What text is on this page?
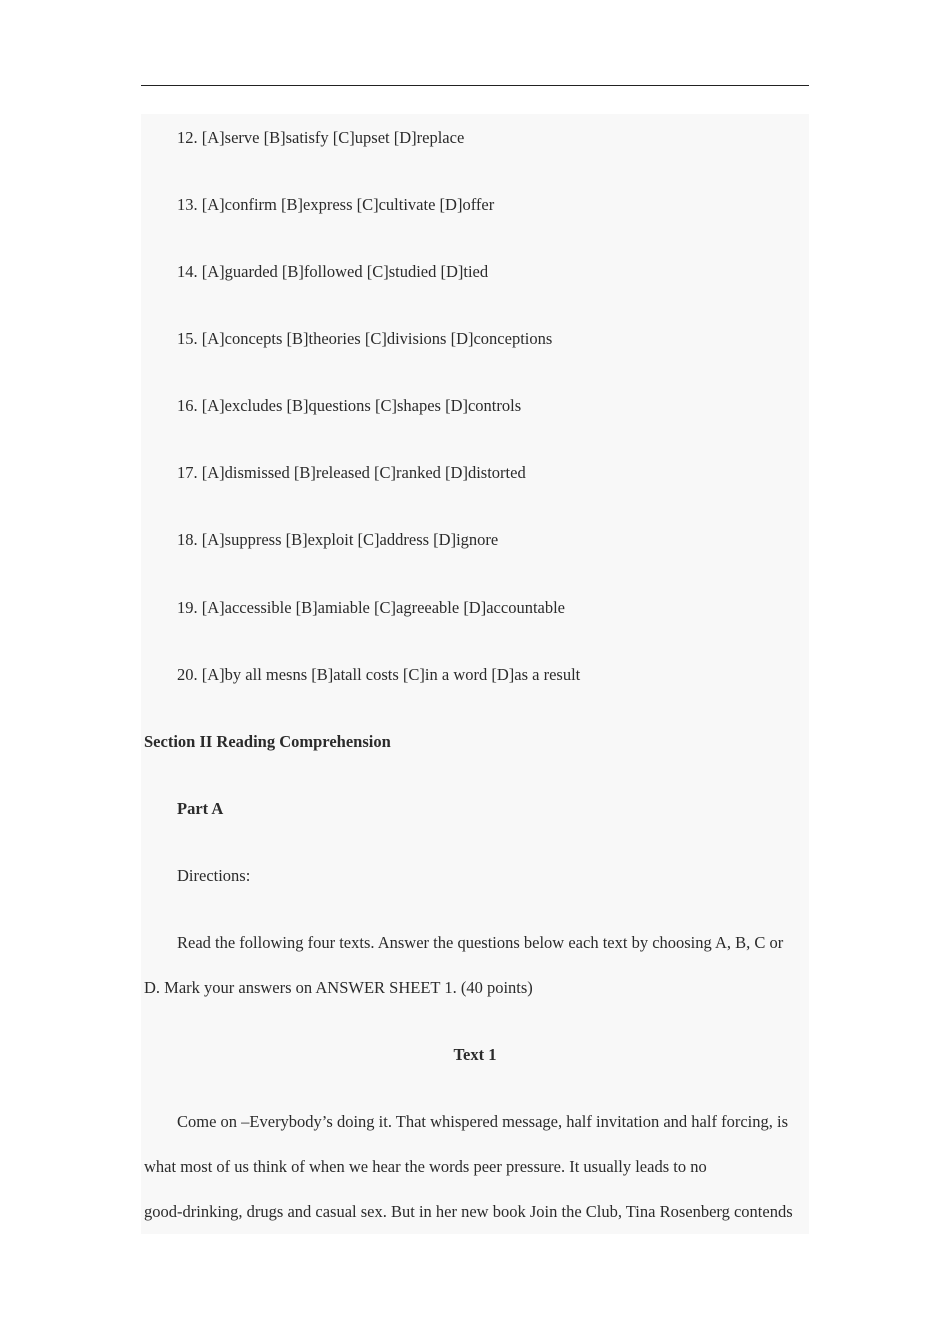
12. [A]serve [B]satisfy [C]upset [D]replace
13. [A]confirm [B]express [C]cultivate [D]offer
14. [A]guarded [B]followed [C]studied [D]tied
15. [A]concepts [B]theories [C]divisions [D]conceptions
16. [A]excludes [B]questions [C]shapes [D]controls
17. [A]dismissed [B]released [C]ranked [D]distorted
18. [A]suppress [B]exploit [C]address [D]ignore
19. [A]accessible [B]amiable [C]agreeable [D]accountable
20. [A]by all mesns [B]atall costs [C]in a word [D]as a result
Section II Reading Comprehension
Part A
Directions:
Read the following four texts. Answer the questions below each text by choosing A, B, C or
D. Mark your answers on ANSWER SHEET 1. (40 points)
Text 1
Come on –Everybody’s doing it. That whispered message, half invitation and half forcing, is
what most of us think of when we hear the words peer pressure. It usually leads to no
good-drinking, drugs and casual sex. But in her new book Join the Club, Tina Rosenberg contends
